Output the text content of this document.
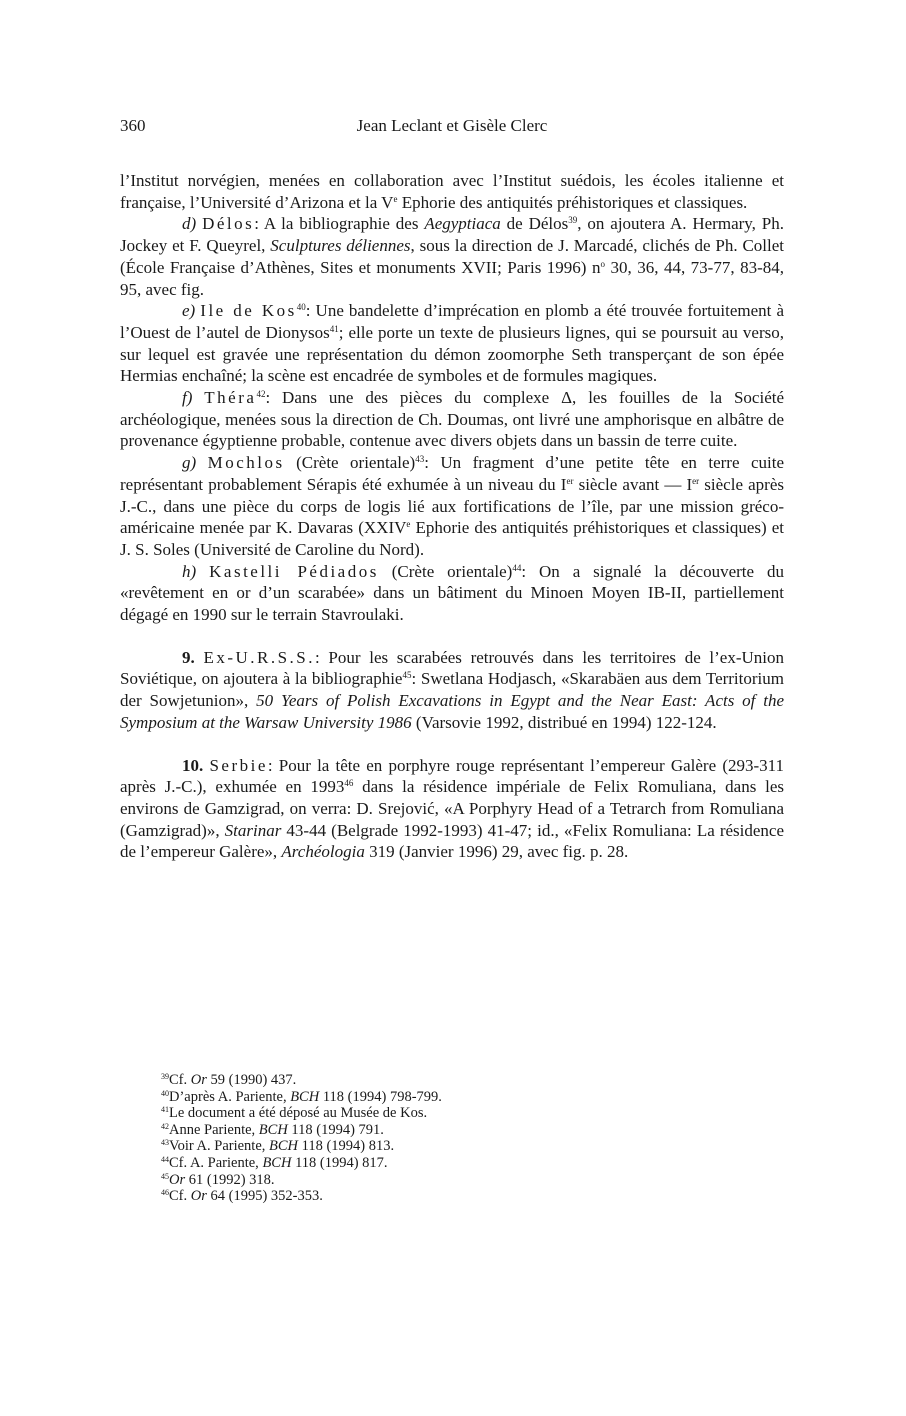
360	Jean Leclant et Gisèle Clerc

l’Institut norvégien, menées en collaboration avec l’Institut suédois, les écoles italienne et française, l’Université d’Arizona et la Ve Ephorie des antiquités préhistoriques et classiques.

d) Délos: A la bibliographie des Aegyptiaca de Délos$^{39}$, on ajoutera A. Hermary, Ph. Jockey et F. Queyrel, Sculptures déliennes, sous la direction de J. Marcadé, clichés de Ph. Collet (École Française d’Athènes, Sites et monuments XVII; Paris 1996) $n^o$ 30, 36, 44, 73-77, 83-84, 95, avec fig.

e) Ile de Kos$^{40}$: Une bandelette d’imprécation en plomb a été trouvée fortuitement à l’Ouest de l’autel de Dionysos$^{41}$; elle porte un texte de plusieurs lignes, qui se poursuit au verso, sur lequel est gravée une représentation du démon zoomorphe Seth transperçant de son épée Hermias enchaîné; la scène est encadrée de symboles et de formules magiques.

f) Théra$^{42}$: Dans une des pièces du complexe Δ, les fouilles de la Société archéologique, menées sous la direction de Ch. Doumas, ont livré une amphorisque en albâtre de provenance égyptienne probable, contenue avec divers objets dans un bassin de terre cuite.

g) Mochlos (Crète orientale)$^{43}$: Un fragment d’une petite tête en terre cuite représentant probablement Sérapis été exhumée à un niveau du Ier siècle avant — Ier siècle après J.-C., dans une pièce du corps de logis lié aux fortifications de l’île, par une mission gréco-américaine menée par K. Davaras (XXIVe Ephorie des antiquités préhistoriques et classiques) et J. S. Soles (Université de Caroline du Nord).

h) Kastelli Pédiados (Crète orientale)$^{44}$: On a signalé la découverte du «revêtement en or d’un scarabée» dans un bâtiment du Minoen Moyen IB-II, partiellement dégagé en 1990 sur le terrain Stavroulaki.

9. Ex-U.R.S.S.: Pour les scarabées retrouvés dans les territoires de l’ex-Union Soviétique, on ajoutera à la bibliographie$^{45}$: Swetlana Hodjasch, «Skarabäen aus dem Territorium der Sowjetunion», 50 Years of Polish Excavations in Egypt and the Near East: Acts of the Symposium at the Warsaw University 1986 (Varsovie 1992, distribué en 1994) 122-124.

10. Serbie: Pour la tête en porphyre rouge représentant l’empereur Galère (293-311 après J.-C.), exhumée en 1993$^{46}$ dans la résidence impériale de Felix Romuliana, dans les environs de Gamzigrad, on verra: D. Srejović, «A Porphyry Head of a Tetrarch from Romuliana (Gamzigrad)», Starinar 43-44 (Belgrade 1992-1993) 41-47; id., «Felix Romuliana: La résidence de l’empereur Galère», Archéologia 319 (Janvier 1996) 29, avec fig. p. 28.

$^{39}$Cf. Or 59 (1990) 437.
$^{40}$D’après A. Pariente, BCH 118 (1994) 798-799.
$^{41}$Le document a été déposé au Musée de Kos.
$^{42}$Anne Pariente, BCH 118 (1994) 791.
$^{43}$Voir A. Pariente, BCH 118 (1994) 813.
$^{44}$Cf. A. Pariente, BCH 118 (1994) 817.
$^{45}$Or 61 (1992) 318.
$^{46}$Cf. Or 64 (1995) 352-353.
